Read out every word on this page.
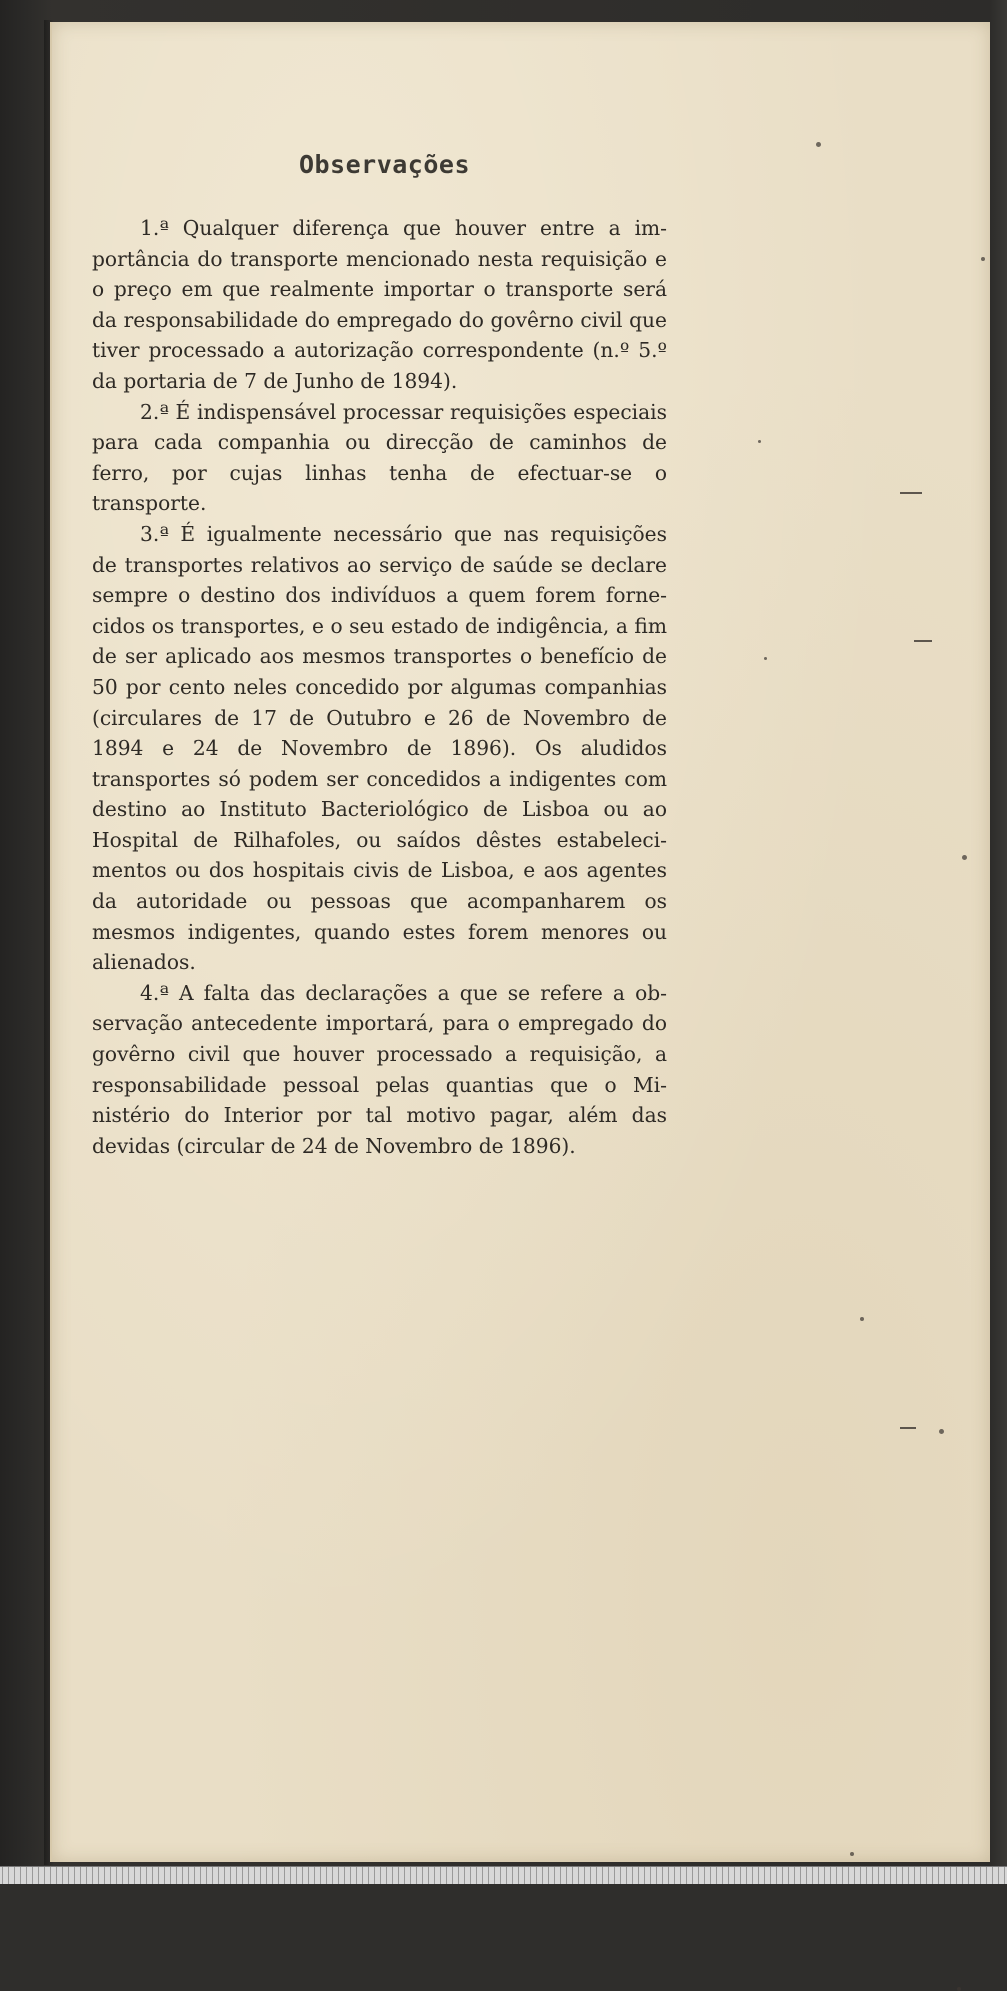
Observações

1.ª Qualquer diferença que houver entre a importância do transporte mencionado nesta requisição e o preço em que realmente importar o transporte será da responsabilidade do empregado do govêrno civil que tiver processado a autorização correspondente (n.º 5.º da portaria de 7 de Junho de 1894).

2.ª É indispensável processar requisições especiais para cada companhia ou direcção de caminhos de ferro, por cujas linhas tenha de efectuar-se o transporte.

3.ª É igualmente necessário que nas requisições de transportes relativos ao serviço de saúde se declare sempre o destino dos indivíduos a quem forem fornecidos os transportes, e o seu estado de indigência, a fim de ser aplicado aos mesmos transportes o benefício de 50 por cento neles concedido por algumas companhias (circulares de 17 de Outubro e 26 de Novembro de 1894 e 24 de Novembro de 1896). Os aludidos transportes só podem ser concedidos a indigentes com destino ao Instituto Bacteriológico de Lisboa ou ao Hospital de Rilhafoles, ou saídos dêstes estabelecimentos ou dos hospitais civis de Lisboa, e aos agentes da autoridade ou pessoas que acompanharem os mesmos indigentes, quando estes forem menores ou alienados.

4.ª A falta das declarações a que se refere a observação antecedente importará, para o empregado do govêrno civil que houver processado a requisição, a responsabilidade pessoal pelas quantias que o Ministério do Interior por tal motivo pagar, além das devidas (circular de 24 de Novembro de 1896).
